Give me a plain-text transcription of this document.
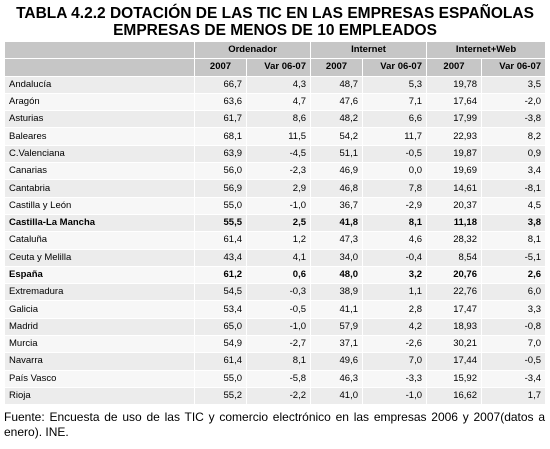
TABLA 4.2.2 DOTACIÓN DE LAS TIC EN LAS EMPRESAS ESPAÑOLAS
EMPRESAS DE MENOS DE 10 EMPLEADOS
	Ordenador		Internet		Internet+Web	
	2007	Var 06-07	2007	Var 06-07	2007	Var 06-07
Andalucía	66,7	4,3	48,7	5,3	19,78	3,5
Aragón	63,6	4,7	47,6	7,1	17,64	-2,0
Asturias	61,7	8,6	48,2	6,6	17,99	-3,8
Baleares	68,1	11,5	54,2	11,7	22,93	8,2
C.Valenciana	63,9	-4,5	51,1	-0,5	19,87	0,9
Canarias	56,0	-2,3	46,9	0,0	19,69	3,4
Cantabria	56,9	2,9	46,8	7,8	14,61	-8,1
Castilla y León	55,0	-1,0	36,7	-2,9	20,37	4,5
Castilla-La Mancha	55,5	2,5	41,8	8,1	11,18	3,8
Cataluña	61,4	1,2	47,3	4,6	28,32	8,1
Ceuta y Melilla	43,4	4,1	34,0	-0,4	8,54	-5,1
España	61,2	0,6	48,0	3,2	20,76	2,6
Extremadura	54,5	-0,3	38,9	1,1	22,76	6,0
Galicia	53,4	-0,5	41,1	2,8	17,47	3,3
Madrid	65,0	-1,0	57,9	4,2	18,93	-0,8
Murcia	54,9	-2,7	37,1	-2,6	30,21	7,0
Navarra	61,4	8,1	49,6	7,0	17,44	-0,5
País Vasco	55,0	-5,8	46,3	-3,3	15,92	-3,4
Rioja	55,2	-2,2	41,0	-1,0	16,62	1,7
Fuente: Encuesta de uso de las TIC y comercio electrónico en las empresas 2006 y 2007(datos a enero). INE.
